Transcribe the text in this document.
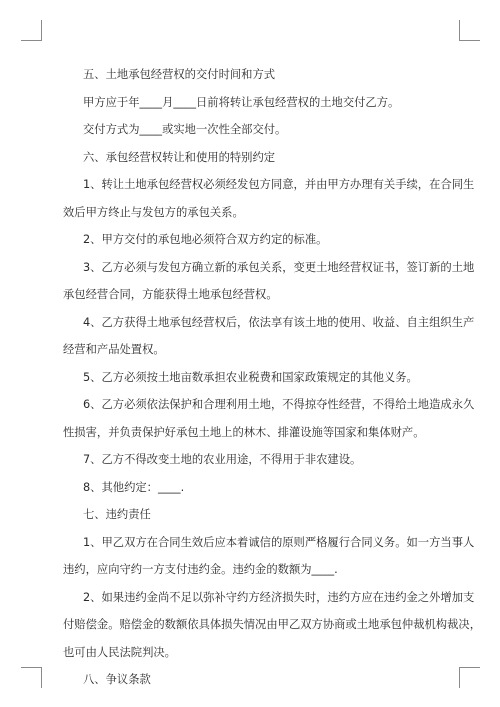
五、土地承包经营权的交付时间和方式
甲方应于年____月____日前将转让承包经营权的土地交付乙方。
交付方式为____或实地一次性全部交付。
六、承包经营权转让和使用的特别约定
1、转让土地承包经营权必须经发包方同意，并由甲方办理有关手续，在合同生
效后甲方终止与发包方的承包关系。
2、甲方交付的承包地必须符合双方约定的标准。
3、乙方必须与发包方确立新的承包关系，变更土地经营权证书，签订新的土地
承包经营合同，方能获得土地承包经营权。
4、乙方获得土地承包经营权后，依法享有该土地的使用、收益、自主组织生产
经营和产品处置权。
5、乙方必须按土地亩数承担农业税费和国家政策规定的其他义务。
6、乙方必须依法保护和合理利用土地，不得掠夺性经营，不得给土地造成永久
性损害，并负责保护好承包土地上的林木、排灌设施等国家和集体财产。
7、乙方不得改变土地的农业用途，不得用于非农建设。
8、其他约定：____.
七、违约责任
1、甲乙双方在合同生效后应本着诚信的原则严格履行合同义务。如一方当事人
违约，应向守约一方支付违约金。违约金的数额为____.
2、如果违约金尚不足以弥补守约方经济损失时，违约方应在违约金之外增加支
付赔偿金。赔偿金的数额依具体损失情况由甲乙双方协商或土地承包仲裁机构裁决，
也可由人民法院判决。
八、争议条款
